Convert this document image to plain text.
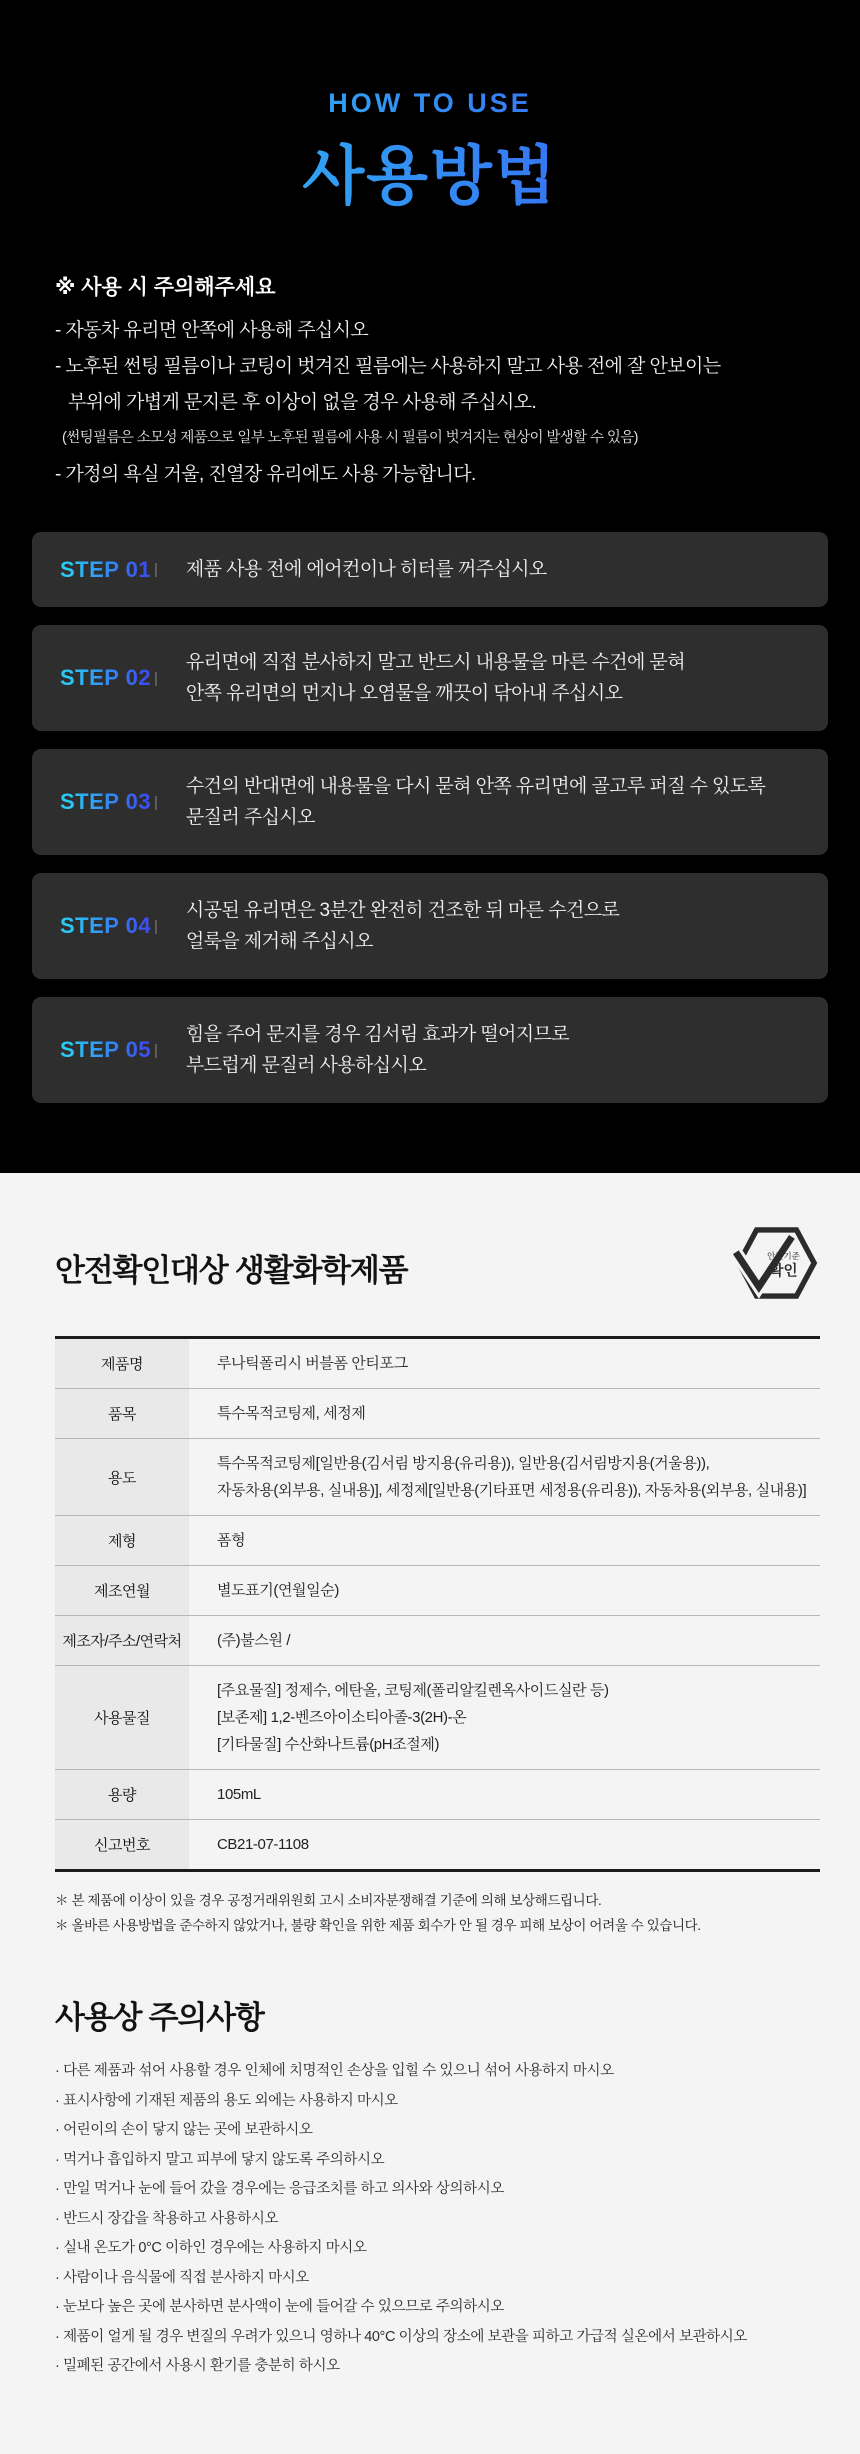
HOW TO USE
사용방법
※ 사용 시 주의해주세요
- 자동차 유리면 안쪽에 사용해 주십시오
- 노후된 썬팅 필름이나 코팅이 벗겨진 필름에는 사용하지 말고 사용 전에 잘 안보이는
부위에 가볍게 문지른 후 이상이 없을 경우 사용해 주십시오.
(썬팅필름은 소모성 제품으로 일부 노후된 필름에 사용 시 필름이 벗겨지는 현상이 발생할 수 있음)
- 가정의 욕실 거울, 진열장 유리에도 사용 가능합니다.
STEP 01 | 제품 사용 전에 에어컨이나 히터를 꺼주십시오
STEP 02 |
유리면에 직접 분사하지 말고 반드시 내용물을 마른 수건에 묻혀
안쪽 유리면의 먼지나 오염물을 깨끗이 닦아내 주십시오
STEP 03 |
수건의 반대면에 내용물을 다시 묻혀 안쪽 유리면에 골고루 퍼질 수 있도록
문질러 주십시오
STEP 04 |
시공된 유리면은 3분간 완전히 건조한 뒤 마른 수건으로
얼룩을 제거해 주십시오
STEP 05 |
힘을 주어 문지를 경우 김서림 효과가 떨어지므로
부드럽게 문질러 사용하십시오
안전확인대상 생활화학제품	안전기준
확인
제품명	루나틱폴리시 버블폼 안티포그
품목	특수목적코팅제, 세정제
용도
특수목적코팅제[일반용(김서림 방지용(유리용)), 일반용(김서림방지용(거울용)),
자동차용(외부용, 실내용)], 세정제[일반용(기타표면 세정용(유리용)), 자동차용(외부용, 실내용)]
제형	폼형
제조연월	별도표기(연월일순)
제조자/주소/연락처	(주)불스원 /
사용물질
[주요물질] 정제수, 에탄올, 코팅제(폴리알킬렌옥사이드실란 등)
[보존제] 1,2-벤즈아이소티아졸-3(2H)-온
[기타물질] 수산화나트륨(pH조절제)
용량	105mL
신고번호	CB21-07-1108
＊ 본 제품에 이상이 있을 경우 공정거래위원회 고시 소비자분쟁해결 기준에 의해 보상해드립니다.
＊ 올바른 사용방법을 준수하지 않았거나, 불량 확인을 위한 제품 회수가 안 될 경우 피해 보상이 어려울 수 있습니다.
사용상 주의사항
· 다른 제품과 섞어 사용할 경우 인체에 치명적인 손상을 입힐 수 있으니 섞어 사용하지 마시오
· 표시사항에 기재된 제품의 용도 외에는 사용하지 마시오
· 어린이의 손이 닿지 않는 곳에 보관하시오
· 먹거나 흡입하지 말고 피부에 닿지 않도록 주의하시오
· 만일 먹거나 눈에 들어 갔을 경우에는 응급조치를 하고 의사와 상의하시오
· 반드시 장갑을 착용하고 사용하시오
· 실내 온도가 0°C 이하인 경우에는 사용하지 마시오
· 사람이나 음식물에 직접 분사하지 마시오
· 눈보다 높은 곳에 분사하면 분사액이 눈에 들어갈 수 있으므로 주의하시오
· 제품이 얼게 될 경우 변질의 우려가 있으니 영하나 40°C 이상의 장소에 보관을 피하고 가급적 실온에서 보관하시오
· 밀폐된 공간에서 사용시 환기를 충분히 하시오
